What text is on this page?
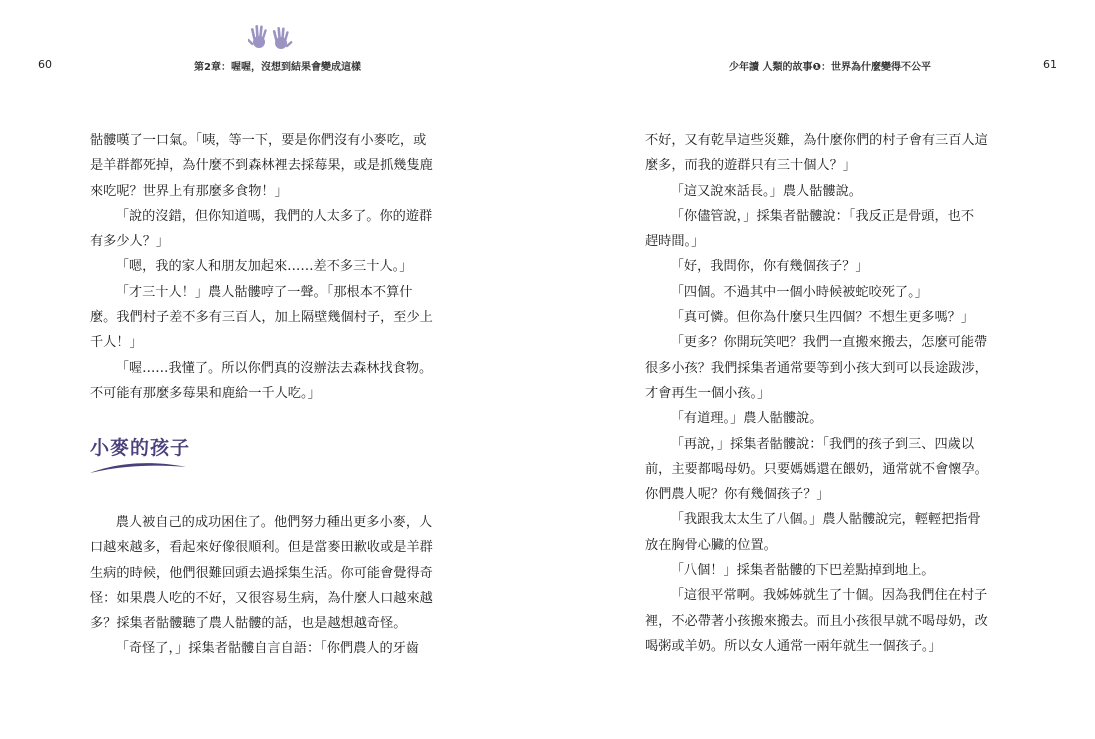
60	第2章：喔喔，沒想到結果會變成這樣	少年讀 人類的故事❶：世界為什麼變得不公平	61

骷髏嘆了一口氣。「咦，等一下，要是你們沒有小麥吃，或

是羊群都死掉，為什麼不到森林裡去採莓果，或是抓幾隻鹿

來吃呢？世界上有那麼多食物！」

「說的沒錯，但你知道嗎，我們的人太多了。你的遊群

有多少人？」

「嗯，我的家人和朋友加起來……差不多三十人。」

「才三十人！」農人骷髏哼了一聲。「那根本不算什

麼。我們村子差不多有三百人，加上隔壁幾個村子，至少上

千人！」

「喔……我懂了。所以你們真的沒辦法去森林找食物。

不可能有那麼多莓果和鹿給一千人吃。」

小麥的孩子

農人被自己的成功困住了。他們努力種出更多小麥，人

口越來越多，看起來好像很順利。但是當麥田歉收或是羊群

生病的時候，他們很難回頭去過採集生活。你可能會覺得奇

怪：如果農人吃的不好，又很容易生病，為什麼人口越來越

多？採集者骷髏聽了農人骷髏的話，也是越想越奇怪。

「奇怪了，」採集者骷髏自言自語：「你們農人的牙齒

不好，又有乾旱這些災難，為什麼你們的村子會有三百人這

麼多，而我的遊群只有三十個人？」

「這又說來話長。」農人骷髏說。

「你儘管說，」採集者骷髏說：「我反正是骨頭，也不

趕時間。」

「好，我問你，你有幾個孩子？」

「四個。不過其中一個小時候被蛇咬死了。」

「真可憐。但你為什麼只生四個？不想生更多嗎？」

「更多？你開玩笑吧？我們一直搬來搬去，怎麼可能帶

很多小孩？我們採集者通常要等到小孩大到可以長途跋涉，

才會再生一個小孩。」

「有道理。」農人骷髏說。

「再說，」採集者骷髏說：「我們的孩子到三、四歲以

前，主要都喝母奶。只要媽媽還在餵奶，通常就不會懷孕。

你們農人呢？你有幾個孩子？」

「我跟我太太生了八個。」農人骷髏說完，輕輕把指骨

放在胸骨心臟的位置。

「八個！」採集者骷髏的下巴差點掉到地上。

「這很平常啊。我姊姊就生了十個。因為我們住在村子

裡，不必帶著小孩搬來搬去。而且小孩很早就不喝母奶，改

喝粥或羊奶。所以女人通常一兩年就生一個孩子。」
